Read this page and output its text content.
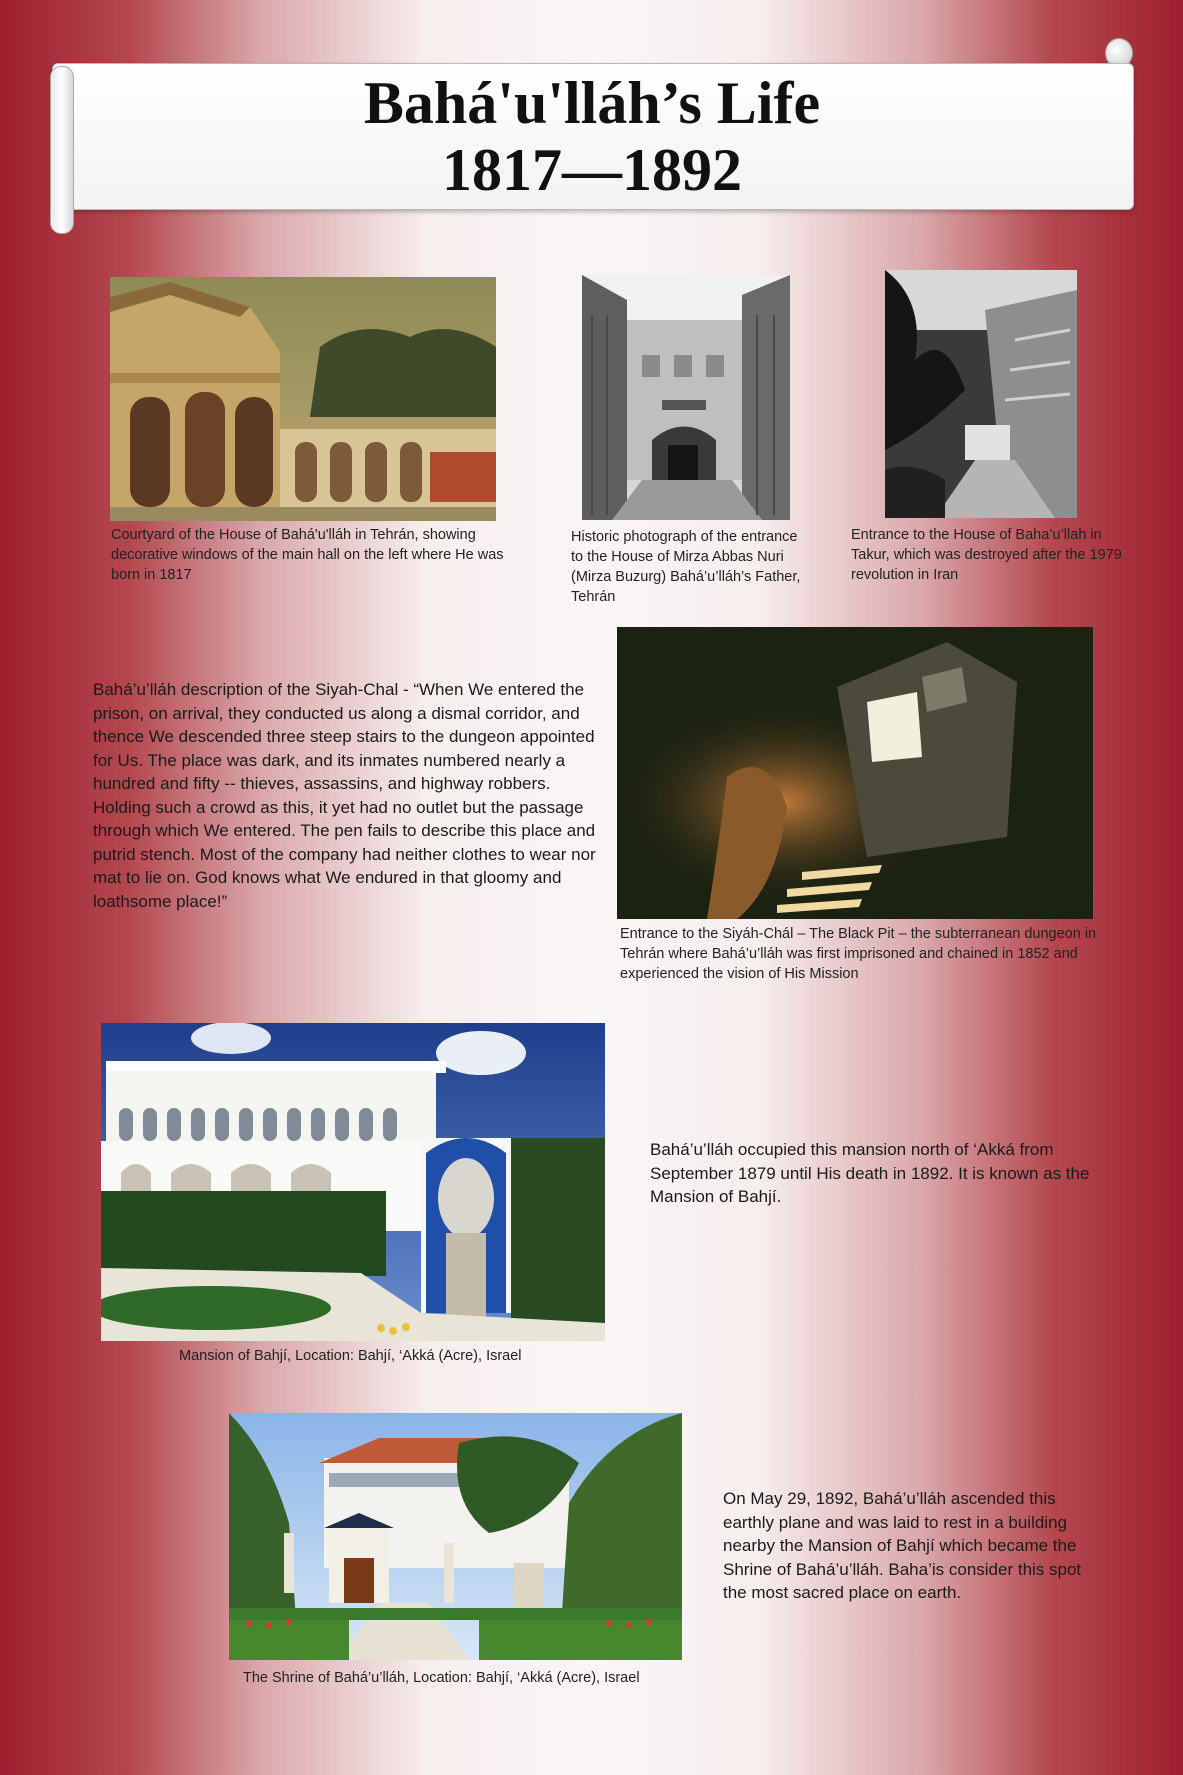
Bahá'u'lláh’s Life
1817—1892
Courtyard of the House of Bahá'u'lláh in Tehrán, showing decorative windows of the main hall on the left where He was born in 1817
Historic photograph of the entrance to the House of Mirza Abbas Nuri (Mirza Buzurg) Bahá’u’lláh’s Father, Tehrán
Entrance to the House of Baha’u’llah in Takur, which was destroyed after the 1979 revolution in Iran
Bahá’u’lláh description of the Siyah-Chal - “When We entered the prison, on arrival, they conducted us along a dismal corridor, and thence We descended three steep stairs to the dungeon appointed for Us. The place was dark, and its inmates numbered nearly a hundred and fifty -- thieves, assassins, and highway robbers. Holding such a crowd as this, it yet had no outlet but the passage through which We entered. The pen fails to describe this place and putrid stench. Most of the company had neither clothes to wear nor mat to lie on. God knows what We endured in that gloomy and loathsome place!”
Entrance to the Siyáh-Chál – The Black Pit – the subterranean dungeon in Tehrán where Bahá’u’lláh was first imprisoned and chained in 1852 and experienced the vision of His Mission
Mansion of Bahjí, Location: Bahjí, ‘Akká (Acre), Israel
Bahá’u’lláh occupied this mansion north of ‘Akká from September 1879 until His death in 1892. It is known as the Mansion of Bahjí.
The Shrine of Bahá’u’lláh, Location: Bahjí, ‘Akká (Acre), Israel
On May 29, 1892, Bahá’u’lláh ascended this earthly plane and was laid to rest in a building nearby the Mansion of Bahjí which became the Shrine of Bahá’u’lláh. Baha’is consider this spot the most sacred place on earth.
